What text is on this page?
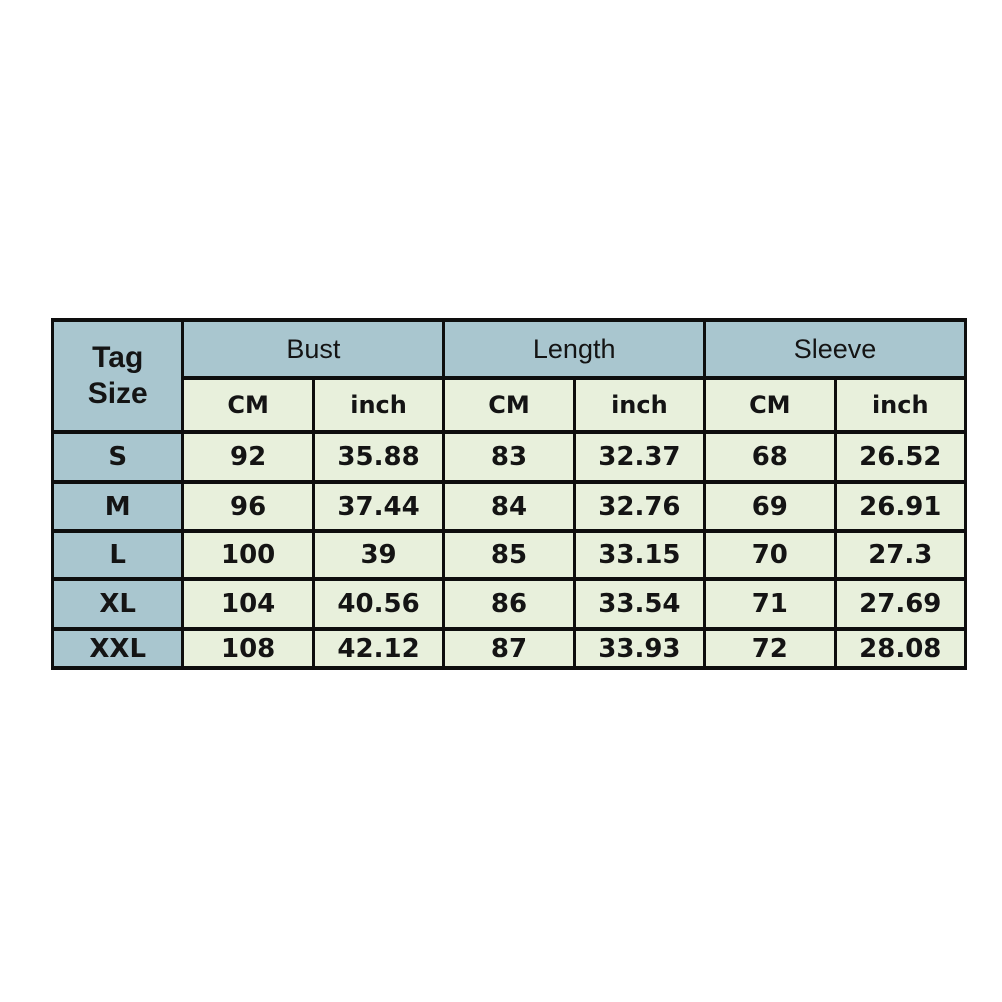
Tag
Size	Bust		Length		Sleeve	
	CM	inch	CM	inch	CM	inch
S	92	35.88	83	32.37	68	26.52
M	96	37.44	84	32.76	69	26.91
L	100	39	85	33.15	70	27.3
XL	104	40.56	86	33.54	71	27.69
XXL	108	42.12	87	33.93	72	28.08
